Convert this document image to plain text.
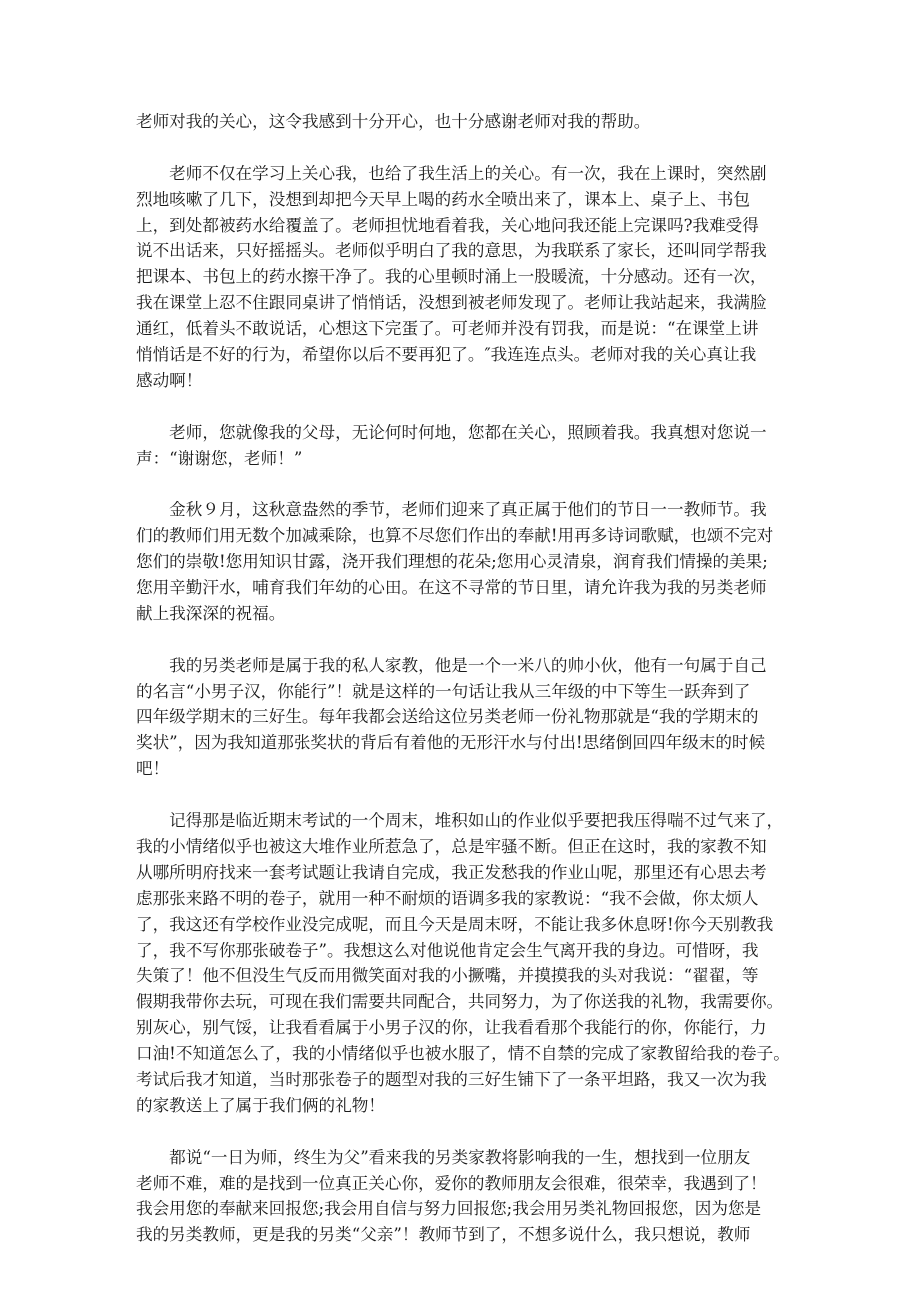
老师对我的关心，这令我感到十分开心，也十分感谢老师对我的帮助。
　　老师不仅在学习上关心我，也给了我生活上的关心。有一次，我在上课时，突然剧
烈地咳嗽了几下，没想到却把今天早上喝的药水全喷出来了，课本上、桌子上、书包
上，到处都被药水给覆盖了。老师担忧地看着我，关心地问我还能上完课吗?我难受得
说不出话来，只好摇摇头。老师似乎明白了我的意思，为我联系了家长，还叫同学帮我
把课本、书包上的药水擦干净了。我的心里顿时涌上一股暖流，十分感动。还有一次，
我在课堂上忍不住跟同桌讲了悄悄话，没想到被老师发现了。老师让我站起来，我满脸
通红，低着头不敢说话，心想这下完蛋了。可老师并没有罚我，而是说：“在课堂上讲
悄悄话是不好的行为，希望你以后不要再犯了。″我连连点头。老师对我的关心真让我
感动啊！
　　老师，您就像我的父母，无论何时何地，您都在关心，照顾着我。我真想对您说一
声：“谢谢您，老师！”
　　金秋９月，这秋意盎然的季节，老师们迎来了真正属于他们的节日一一教师节。我
们的教师们用无数个加减乘除，也算不尽您们作出的奉献!用再多诗词歌赋，也颂不完对
您们的崇敬!您用知识甘露，浇开我们理想的花朵;您用心灵清泉，润育我们情操的美果;
您用辛勤汗水，哺育我们年幼的心田。在这不寻常的节日里，请允许我为我的另类老师
献上我深深的祝福。
　　我的另类老师是属于我的私人家教，他是一个一米八的帅小伙，他有一句属于自己
的名言“小男子汉，你能行”！就是这样的一句话让我从三年级的中下等生一跃奔到了
四年级学期末的三好生。每年我都会送给这位另类老师一份礼物那就是“我的学期末的
奖状”，因为我知道那张奖状的背后有着他的无形汗水与付出!思绪倒回四年级末的时候
吧！
　　记得那是临近期末考试的一个周末，堆积如山的作业似乎要把我压得喘不过气来了，
我的小情绪似乎也被这大堆作业所惹急了，总是牢骚不断。但正在这时，我的家教不知
从哪所明府找来一套考试题让我请自完成，我正发愁我的作业山呢，那里还有心思去考
虑那张来路不明的卷子，就用一种不耐烦的语调多我的家教说：“我不会做，你太烦人
了，我这还有学校作业没完成呢，而且今天是周末呀，不能让我多休息呀!你今天别教我
了，我不写你那张破卷子”。我想这么对他说他肯定会生气离开我的身边。可惜呀，我
失策了！他不但没生气反而用微笑面对我的小撅嘴，并摸摸我的头对我说：“翟翟，等
假期我带你去玩，可现在我们需要共同配合，共同努力，为了你送我的礼物，我需要你。
别灰心，别气馁，让我看看属于小男子汉的你，让我看看那个我能行的你，你能行，力
口油!不知道怎么了，我的小情绪似乎也被水服了，情不自禁的完成了家教留给我的卷子。
考试后我才知道，当时那张卷子的题型对我的三好生铺下了一条平坦路，我又一次为我
的家教送上了属于我们俩的礼物！
　　都说“一日为师，终生为父”看来我的另类家教将影响我的一生，想找到一位朋友
老师不难，难的是找到一位真正关心你，爱你的教师朋友会很难，很荣幸，我遇到了！
我会用您的奉献来回报您;我会用自信与努力回报您;我会用另类礼物回报您，因为您是
我的另类教师，更是我的另类“父亲”！教师节到了，不想多说什么，我只想说，教师
